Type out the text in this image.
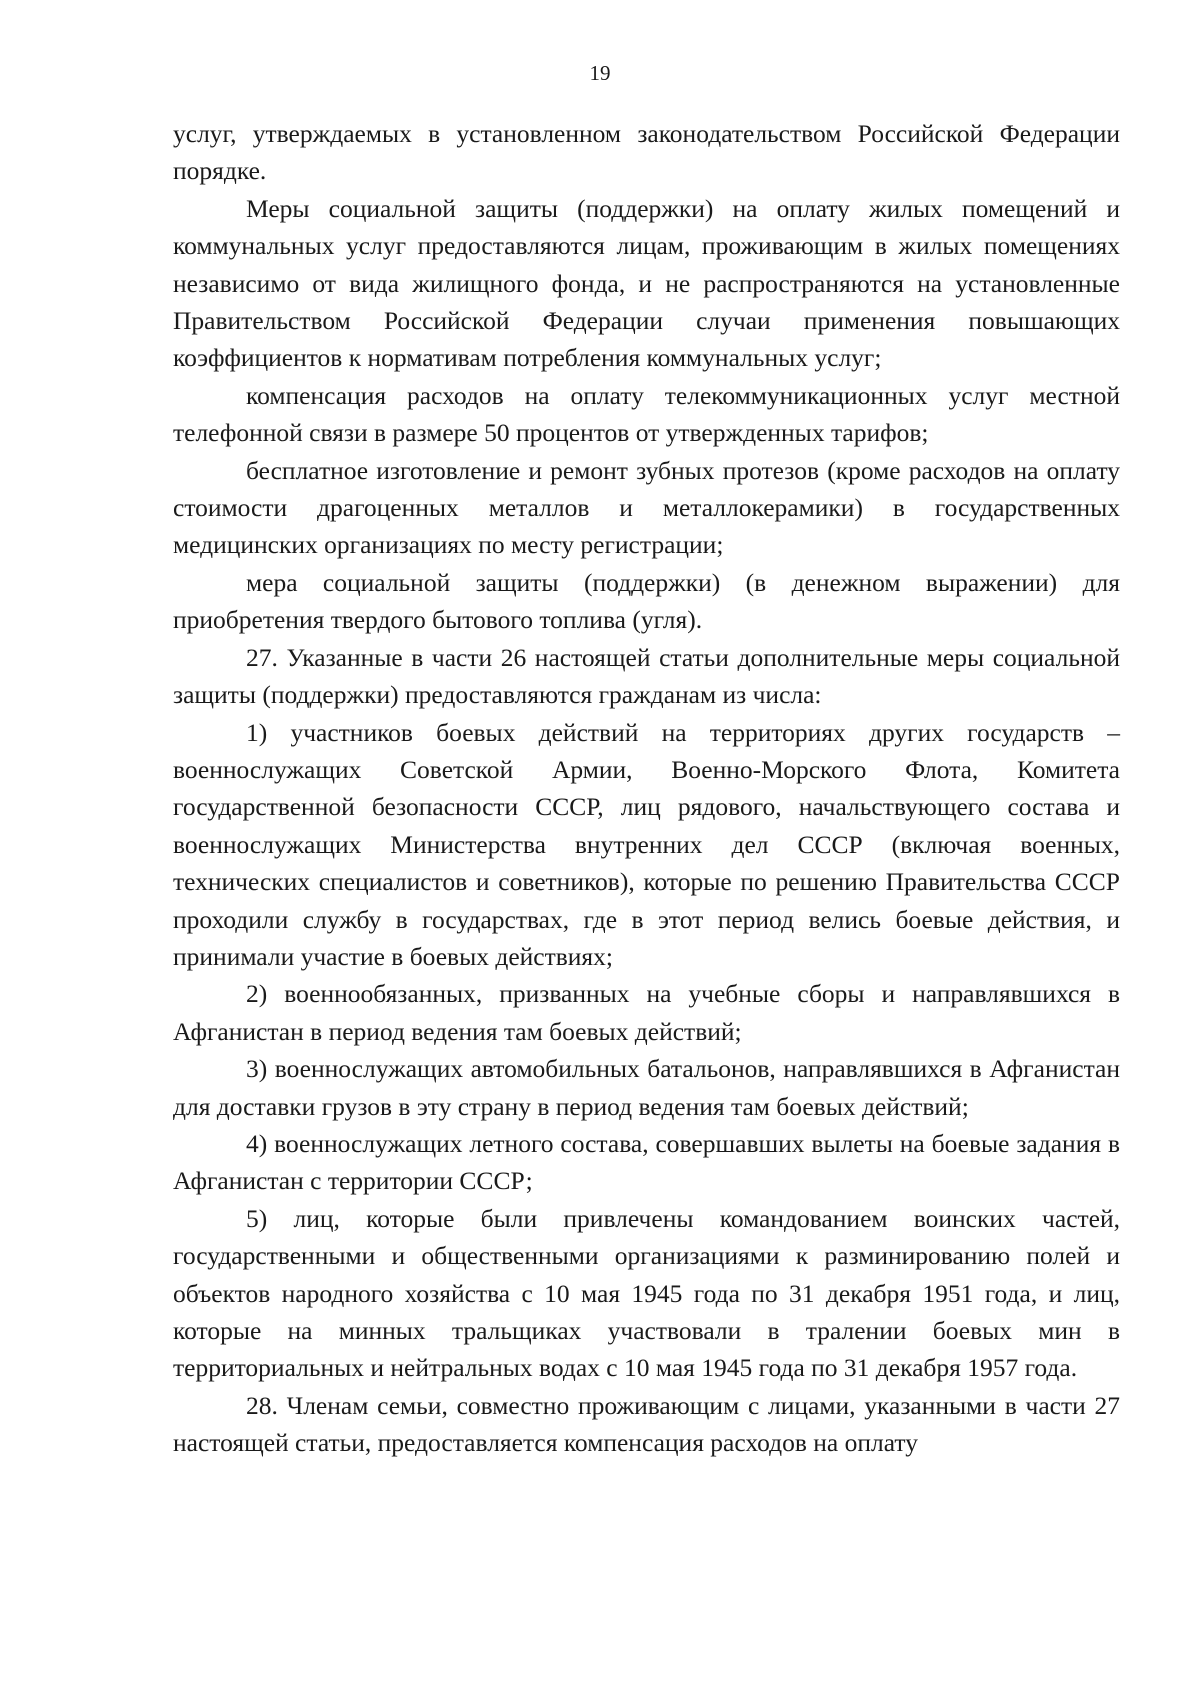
19

услуг, утверждаемых в установленном законодательством Российской Федерации порядке.

Меры социальной защиты (поддержки) на оплату жилых помещений и коммунальных услуг предоставляются лицам, проживающим в жилых помещениях независимо от вида жилищного фонда, и не распространяются на установленные Правительством Российской Федерации случаи применения повышающих коэффициентов к нормативам потребления коммунальных услуг;

компенсация расходов на оплату телекоммуникационных услуг местной телефонной связи в размере 50 процентов от утвержденных тарифов;

бесплатное изготовление и ремонт зубных протезов (кроме расходов на оплату стоимости драгоценных металлов и металлокерамики) в государственных медицинских организациях по месту регистрации;

мера социальной защиты (поддержки) (в денежном выражении) для приобретения твердого бытового топлива (угля).

27. Указанные в части 26 настоящей статьи дополнительные меры социальной защиты (поддержки) предоставляются гражданам из числа:

1) участников боевых действий на территориях других государств – военнослужащих Советской Армии, Военно-Морского Флота, Комитета государственной безопасности СССР, лиц рядового, начальствующего состава и военнослужащих Министерства внутренних дел СССР (включая военных, технических специалистов и советников), которые по решению Правительства СССР проходили службу в государствах, где в этот период велись боевые действия, и принимали участие в боевых действиях;

2) военнообязанных, призванных на учебные сборы и направлявшихся в Афганистан в период ведения там боевых действий;

3) военнослужащих автомобильных батальонов, направлявшихся в Афганистан для доставки грузов в эту страну в период ведения там боевых действий;

4) военнослужащих летного состава, совершавших вылеты на боевые задания в Афганистан с территории СССР;

5) лиц, которые были привлечены командованием воинских частей, государственными и общественными организациями к разминированию полей и объектов народного хозяйства с 10 мая 1945 года по 31 декабря 1951 года, и лиц, которые на минных тральщиках участвовали в тралении боевых мин в территориальных и нейтральных водах с 10 мая 1945 года по 31 декабря 1957 года.

28. Членам семьи, совместно проживающим с лицами, указанными в части 27 настоящей статьи, предоставляется компенсация расходов на оплату
